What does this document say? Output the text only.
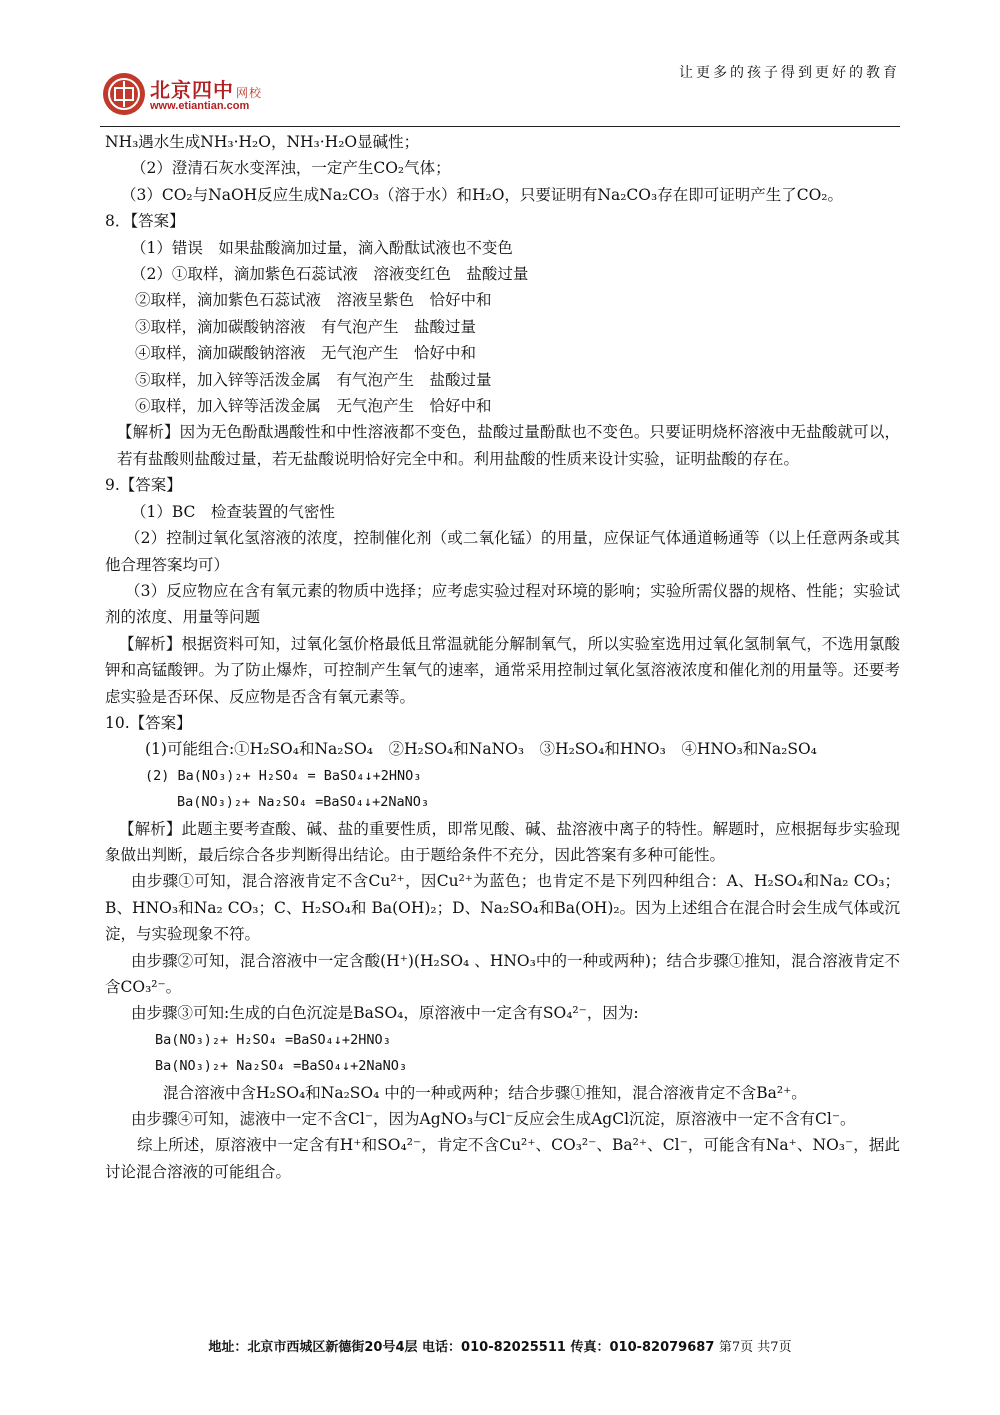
北京四中 网校
www.etiantian.com
让更多的孩子得到更好的教育
NH₃遇水生成NH₃·H₂O，NH₃·H₂O显碱性；
（2）澄清石灰水变浑浊，一定产生CO₂气体；
（3）CO₂与NaOH反应生成Na₂CO₃（溶于水）和H₂O，只要证明有Na₂CO₃存在即可证明产生了CO₂。
8．【答案】
（1）错误　如果盐酸滴加过量，滴入酚酞试液也不变色
（2）①取样，滴加紫色石蕊试液　溶液变红色　盐酸过量
②取样，滴加紫色石蕊试液　溶液呈紫色　恰好中和
③取样，滴加碳酸钠溶液　有气泡产生　盐酸过量
④取样，滴加碳酸钠溶液　无气泡产生　恰好中和
⑤取样，加入锌等活泼金属　有气泡产生　盐酸过量
⑥取样，加入锌等活泼金属　无气泡产生　恰好中和
【解析】因为无色酚酞遇酸性和中性溶液都不变色，盐酸过量酚酞也不变色。只要证明烧杯溶液中无盐酸就可以，若有盐酸则盐酸过量，若无盐酸说明恰好完全中和。利用盐酸的性质来设计实验，证明盐酸的存在。
9.【答案】
（1）BC　检查装置的气密性
（2）控制过氧化氢溶液的浓度，控制催化剂（或二氧化锰）的用量，应保证气体通道畅通等（以上任意两条或其他合理答案均可）
（3）反应物应在含有氧元素的物质中选择；应考虑实验过程对环境的影响；实验所需仪器的规格、性能；实验试剂的浓度、用量等问题
【解析】根据资料可知，过氧化氢价格最低且常温就能分解制氧气，所以实验室选用过氧化氢制氧气，不选用氯酸钾和高锰酸钾。为了防止爆炸，可控制产生氧气的速率，通常采用控制过氧化氢溶液浓度和催化剂的用量等。还要考虑实验是否环保、反应物是否含有氧元素等。
10.【答案】
(1)可能组合:①H₂SO₄和Na₂SO₄　②H₂SO₄和NaNO₃　③H₂SO₄和HNO₃　④HNO₃和Na₂SO₄
(2) Ba(NO₃)₂+ H₂SO₄ = BaSO₄↓+2HNO₃
Ba(NO₃)₂+ Na₂SO₄ =BaSO₄↓+2NaNO₃
【解析】此题主要考查酸、碱、盐的重要性质，即常见酸、碱、盐溶液中离子的特性。解题时，应根据每步实验现象做出判断，最后综合各步判断得出结论。由于题给条件不充分，因此答案有多种可能性。
由步骤①可知，混合溶液肯定不含Cu²⁺，因Cu²⁺为蓝色；也肯定不是下列四种组合：A、H₂SO₄和Na₂ CO₃；B、HNO₃和Na₂ CO₃；C、H₂SO₄和 Ba(OH)₂；D、Na₂SO₄和Ba(OH)₂。因为上述组合在混合时会生成气体或沉淀，与实验现象不符。
由步骤②可知，混合溶液中一定含酸(H⁺)(H₂SO₄ 、HNO₃中的一种或两种)；结合步骤①推知，混合溶液肯定不含CO₃²⁻。
由步骤③可知:生成的白色沉淀是BaSO₄，原溶液中一定含有SO₄²⁻，因为:
Ba(NO₃)₂+ H₂SO₄ =BaSO₄↓+2HNO₃
Ba(NO₃)₂+ Na₂SO₄ =BaSO₄↓+2NaNO₃
混合溶液中含H₂SO₄和Na₂SO₄ 中的一种或两种；结合步骤①推知，混合溶液肯定不含Ba²⁺。
由步骤④可知，滤液中一定不含Cl⁻，因为AgNO₃与Cl⁻反应会生成AgCl沉淀，原溶液中一定不含有Cl⁻。
综上所述，原溶液中一定含有H⁺和SO₄²⁻，肯定不含Cu²⁺、CO₃²⁻、Ba²⁺、Cl⁻，可能含有Na⁺、NO₃⁻，据此讨论混合溶液的可能组合。
地址：北京市西城区新德街20号4层 电话：010-82025511 传真：010-82079687 第7页 共7页
